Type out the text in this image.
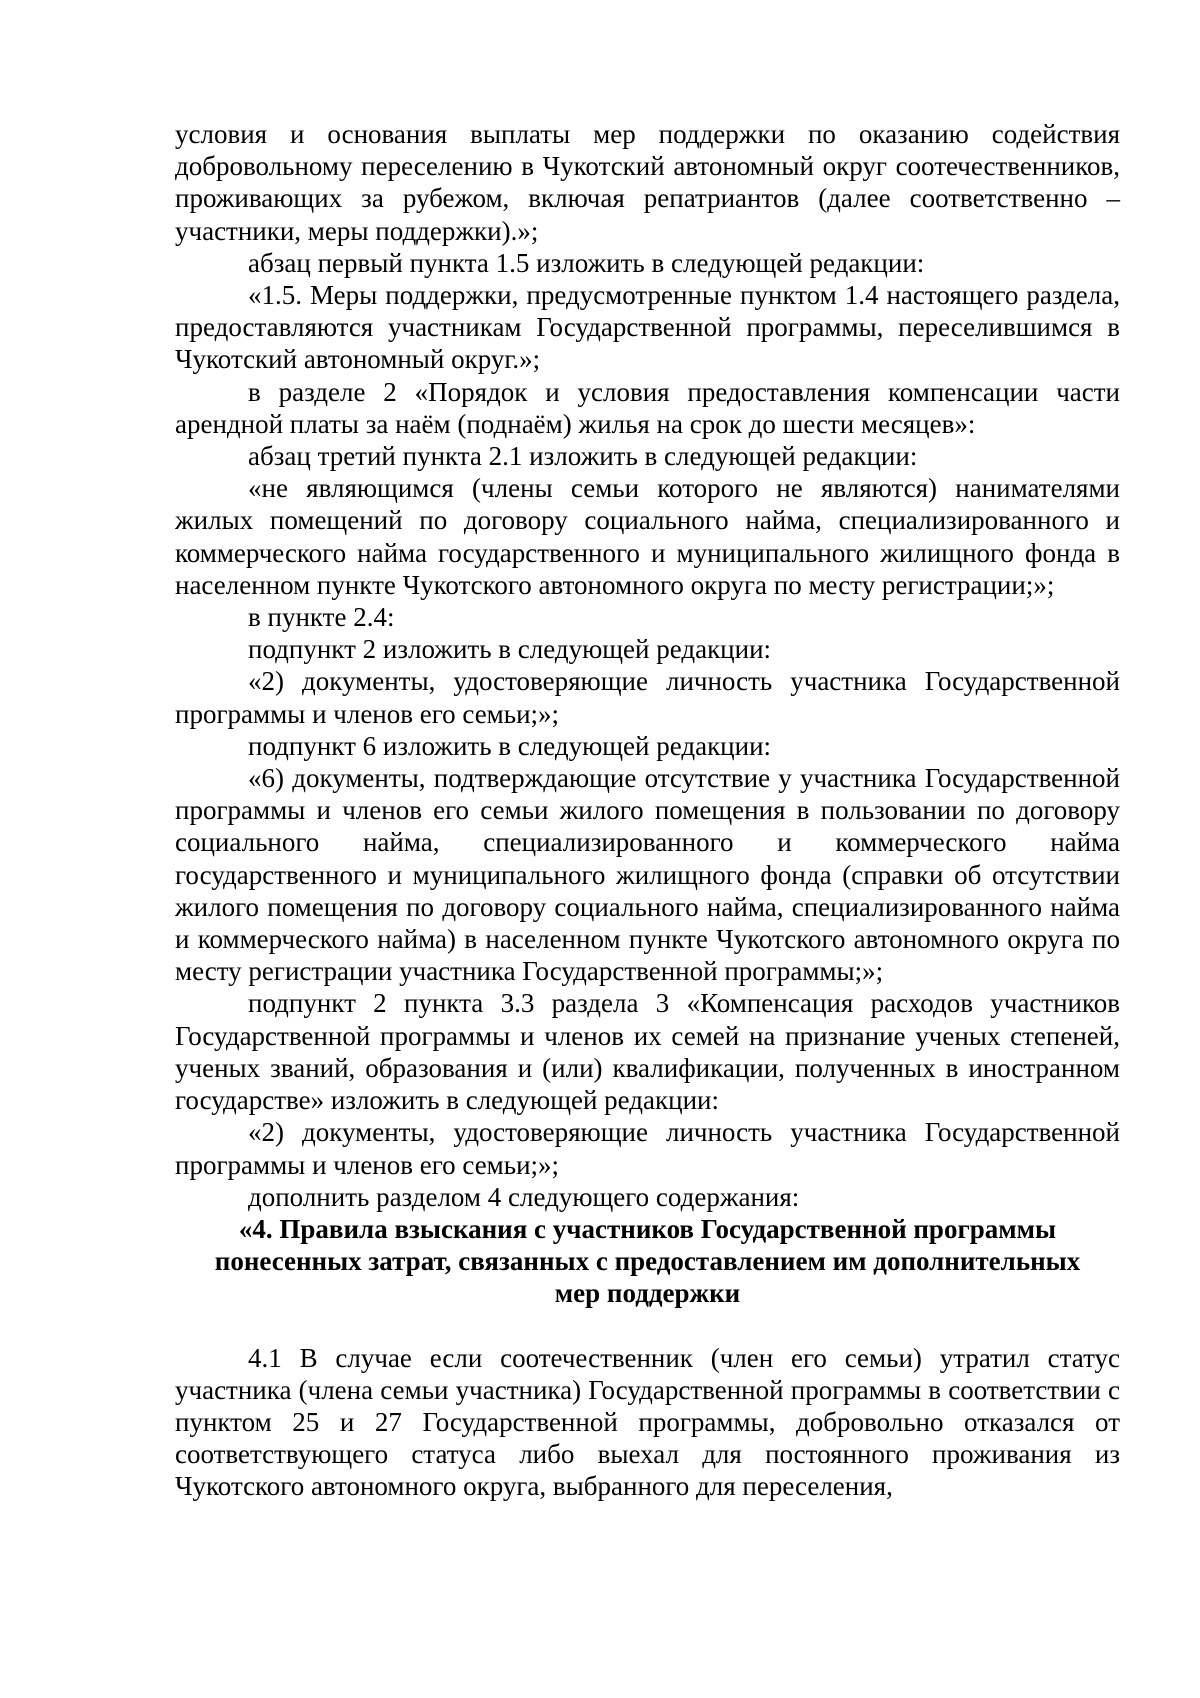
условия и основания выплаты мер поддержки по оказанию содействия добровольному переселению в Чукотский автономный округ соотечественников, проживающих за рубежом, включая репатриантов (далее соответственно – участники, меры поддержки).»;

абзац первый пункта 1.5 изложить в следующей редакции:

«1.5. Меры поддержки, предусмотренные пунктом 1.4 настоящего раздела, предоставляются участникам Государственной программы, переселившимся в Чукотский автономный округ.»;

в разделе 2 «Порядок и условия предоставления компенсации части арендной платы за наём (поднаём) жилья на срок до шести месяцев»:

абзац третий пункта 2.1 изложить в следующей редакции:

«не являющимся (члены семьи которого не являются) нанимателями жилых помещений по договору социального найма, специализированного и коммерческого найма государственного и муниципального жилищного фонда в населенном пункте Чукотского автономного округа по месту регистрации;»;

в пункте 2.4:

подпункт 2 изложить в следующей редакции:

«2) документы, удостоверяющие личность участника Государственной программы и членов его семьи;»;

подпункт 6 изложить в следующей редакции:

«6) документы, подтверждающие отсутствие у участника Государственной программы и членов его семьи жилого помещения в пользовании по договору социального найма, специализированного и коммерческого найма государственного и муниципального жилищного фонда (справки об отсутствии жилого помещения по договору социального найма, специализированного найма и коммерческого найма) в населенном пункте Чукотского автономного округа по месту регистрации участника Государственной программы;»;

подпункт 2 пункта 3.3 раздела 3 «Компенсация расходов участников Государственной программы и членов их семей на признание ученых степеней, ученых званий, образования и (или) квалификации, полученных в иностранном государстве» изложить в следующей редакции:

«2) документы, удостоверяющие личность участника Государственной программы и членов его семьи;»;

дополнить разделом 4 следующего содержания:

«4. Правила взыскания с участников Государственной программы
понесенных затрат, связанных с предоставлением им дополнительных
мер поддержки

4.1 В случае если соотечественник (член его семьи) утратил статус участника (члена семьи участника) Государственной программы в соответствии с пунктом 25 и 27 Государственной программы, добровольно отказался от соответствующего статуса либо выехал для постоянного проживания из Чукотского автономного округа, выбранного для переселения,
